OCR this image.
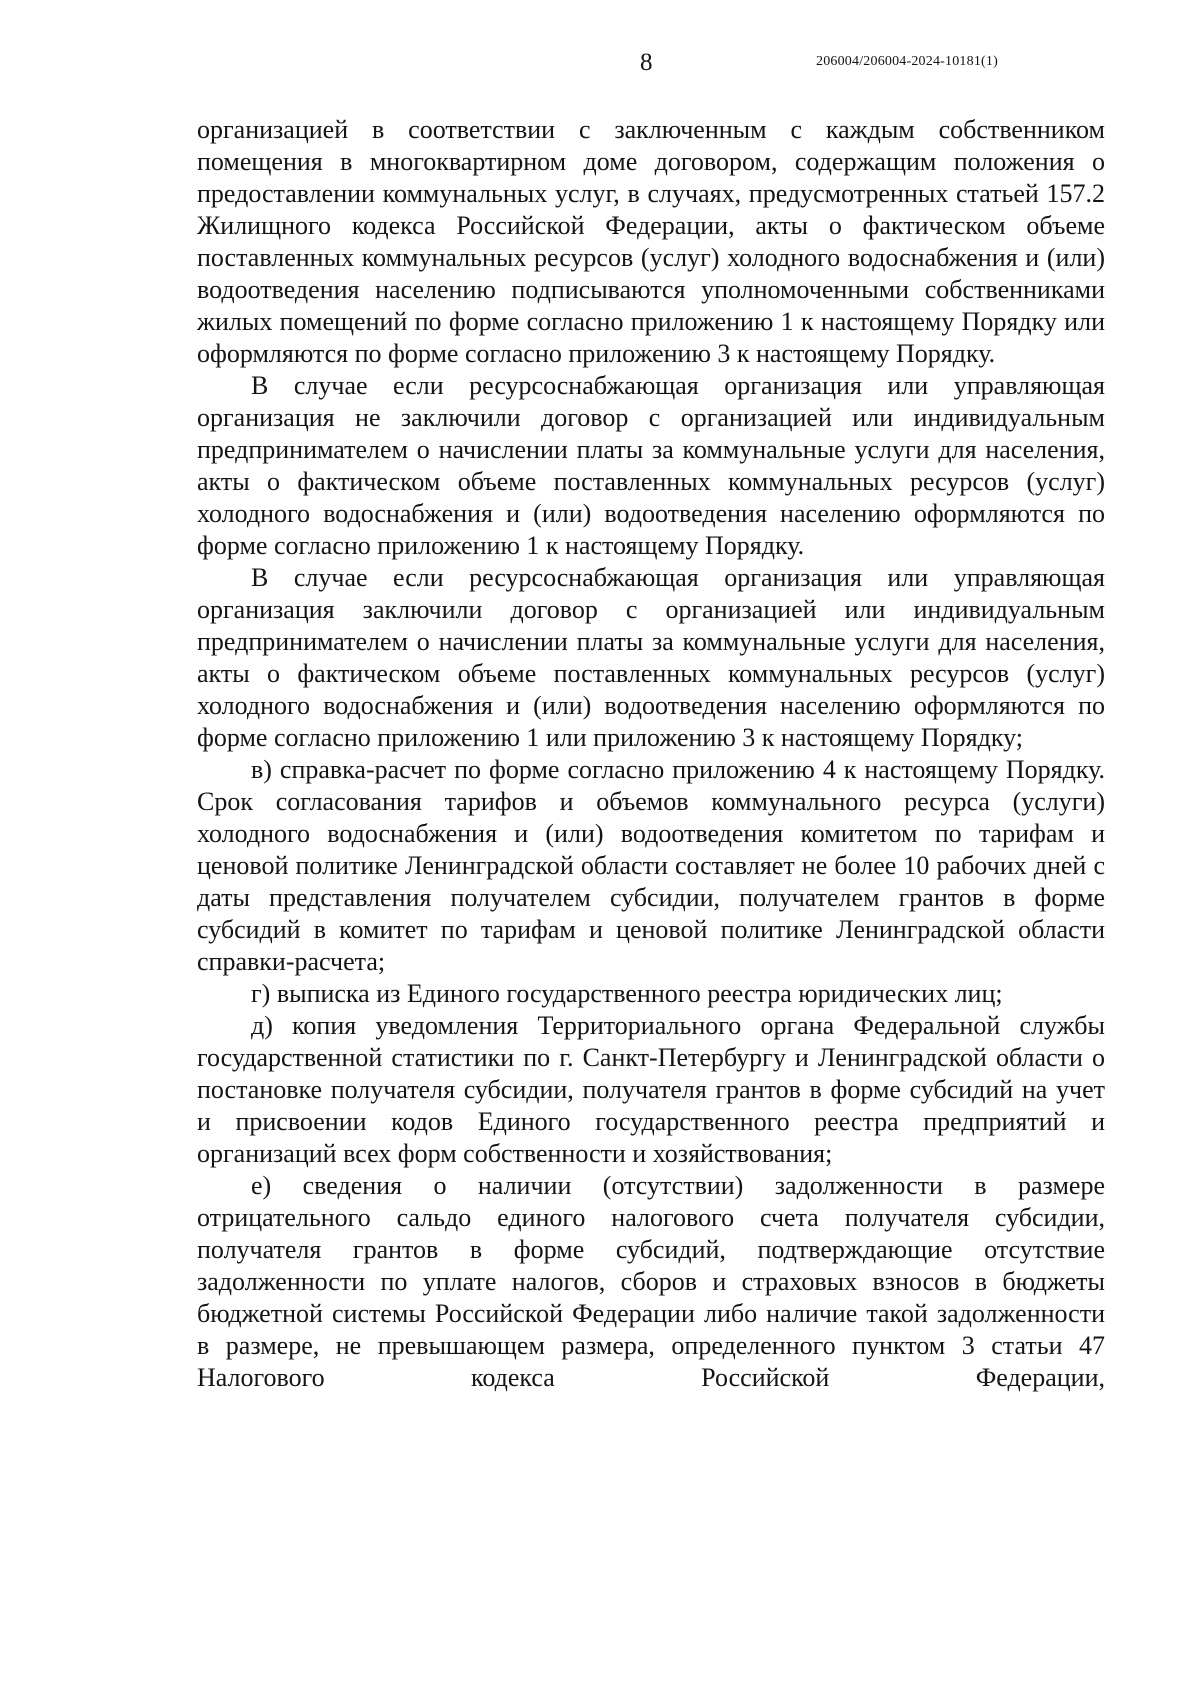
8	206004/206004-2024-10181(1)

организацией в соответствии с заключенным с каждым собственником помещения в многоквартирном доме договором, содержащим положения о предоставлении коммунальных услуг, в случаях, предусмотренных статьей 157.2 Жилищного кодекса Российской Федерации, акты о фактическом объеме поставленных коммунальных ресурсов (услуг) холодного водоснабжения и (или) водоотведения населению подписываются уполномоченными собственниками жилых помещений по форме согласно приложению 1 к настоящему Порядку или оформляются по форме согласно приложению 3 к настоящему Порядку.

В случае если ресурсоснабжающая организация или управляющая организация не заключили договор с организацией или индивидуальным предпринимателем о начислении платы за коммунальные услуги для населения, акты о фактическом объеме поставленных коммунальных ресурсов (услуг) холодного водоснабжения и (или) водоотведения населению оформляются по форме согласно приложению 1 к настоящему Порядку.

В случае если ресурсоснабжающая организация или управляющая организация заключили договор с организацией или индивидуальным предпринимателем о начислении платы за коммунальные услуги для населения, акты о фактическом объеме поставленных коммунальных ресурсов (услуг) холодного водоснабжения и (или) водоотведения населению оформляются по форме согласно приложению 1 или приложению 3 к настоящему Порядку;

в) справка-расчет по форме согласно приложению 4 к настоящему Порядку. Срок согласования тарифов и объемов коммунального ресурса (услуги) холодного водоснабжения и (или) водоотведения комитетом по тарифам и ценовой политике Ленинградской области составляет не более 10 рабочих дней с даты представления получателем субсидии, получателем грантов в форме субсидий в комитет по тарифам и ценовой политике Ленинградской области справки-расчета;

г) выписка из Единого государственного реестра юридических лиц;

д) копия уведомления Территориального органа Федеральной службы государственной статистики по г. Санкт-Петербургу и Ленинградской области о постановке получателя субсидии, получателя грантов в форме субсидий на учет и присвоении кодов Единого государственного реестра предприятий и организаций всех форм собственности и хозяйствования;

е) сведения о наличии (отсутствии) задолженности в размере отрицательного сальдо единого налогового счета получателя субсидии, получателя грантов в форме субсидий, подтверждающие отсутствие задолженности по уплате налогов, сборов и страховых взносов в бюджеты бюджетной системы Российской Федерации либо наличие такой задолженности в размере, не превышающем размера, определенного пунктом 3 статьи 47 Налогового кодекса Российской Федерации,
